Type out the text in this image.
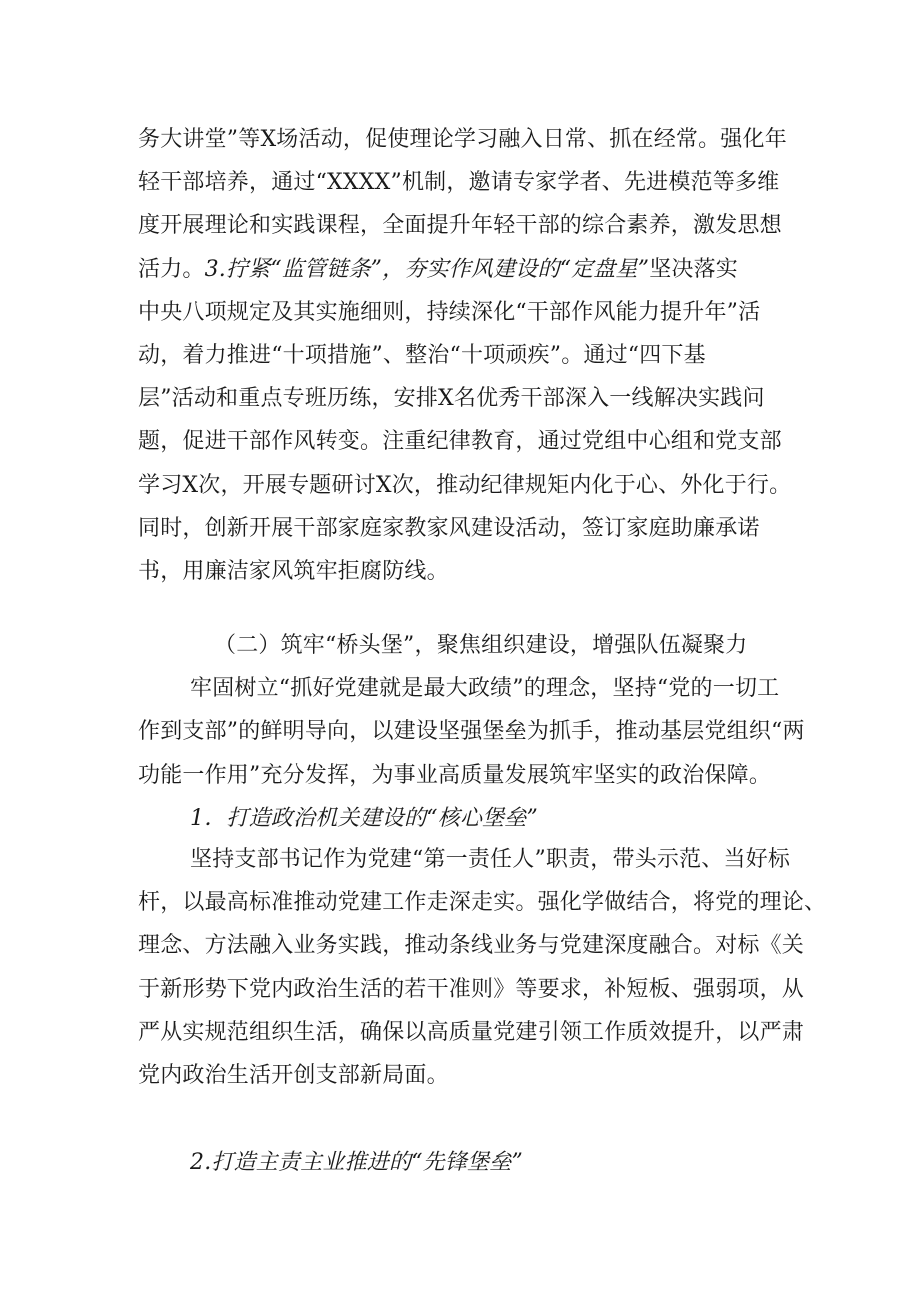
务大讲堂”等X场活动，促使理论学习融入日常、抓在经常。强化年
轻干部培养，通过“XXXX”机制，邀请专家学者、先进模范等多维
度开展理论和实践课程，全面提升年轻干部的综合素养，激发思想
活力。3.拧紧“监管链条”，夯实作风建设的“定盘星”坚决落实
中央八项规定及其实施细则，持续深化“干部作风能力提升年”活
动，着力推进“十项措施”、整治“十项顽疾”。通过“四下基
层”活动和重点专班历练，安排X名优秀干部深入一线解决实践问
题，促进干部作风转变。注重纪律教育，通过党组中心组和党支部
学习X次，开展专题研讨X次，推动纪律规矩内化于心、外化于行。
同时，创新开展干部家庭家教家风建设活动，签订家庭助廉承诺
书，用廉洁家风筑牢拒腐防线。
（二）筑牢“桥头堡”，聚焦组织建设，增强队伍凝聚力
牢固树立“抓好党建就是最大政绩”的理念，坚持“党的一切工
作到支部”的鲜明导向，以建设坚强堡垒为抓手，推动基层党组织“两
功能一作用”充分发挥，为事业高质量发展筑牢坚实的政治保障。
1．打造政治机关建设的“核心堡垒”
坚持支部书记作为党建“第一责任人”职责，带头示范、当好标
杆，以最高标准推动党建工作走深走实。强化学做结合，将党的理论、
理念、方法融入业务实践，推动条线业务与党建深度融合。对标《关
于新形势下党内政治生活的若干准则》等要求，补短板、强弱项，从
严从实规范组织生活，确保以高质量党建引领工作质效提升，以严肃
党内政治生活开创支部新局面。
2.打造主责主业推进的“先锋堡垒”
